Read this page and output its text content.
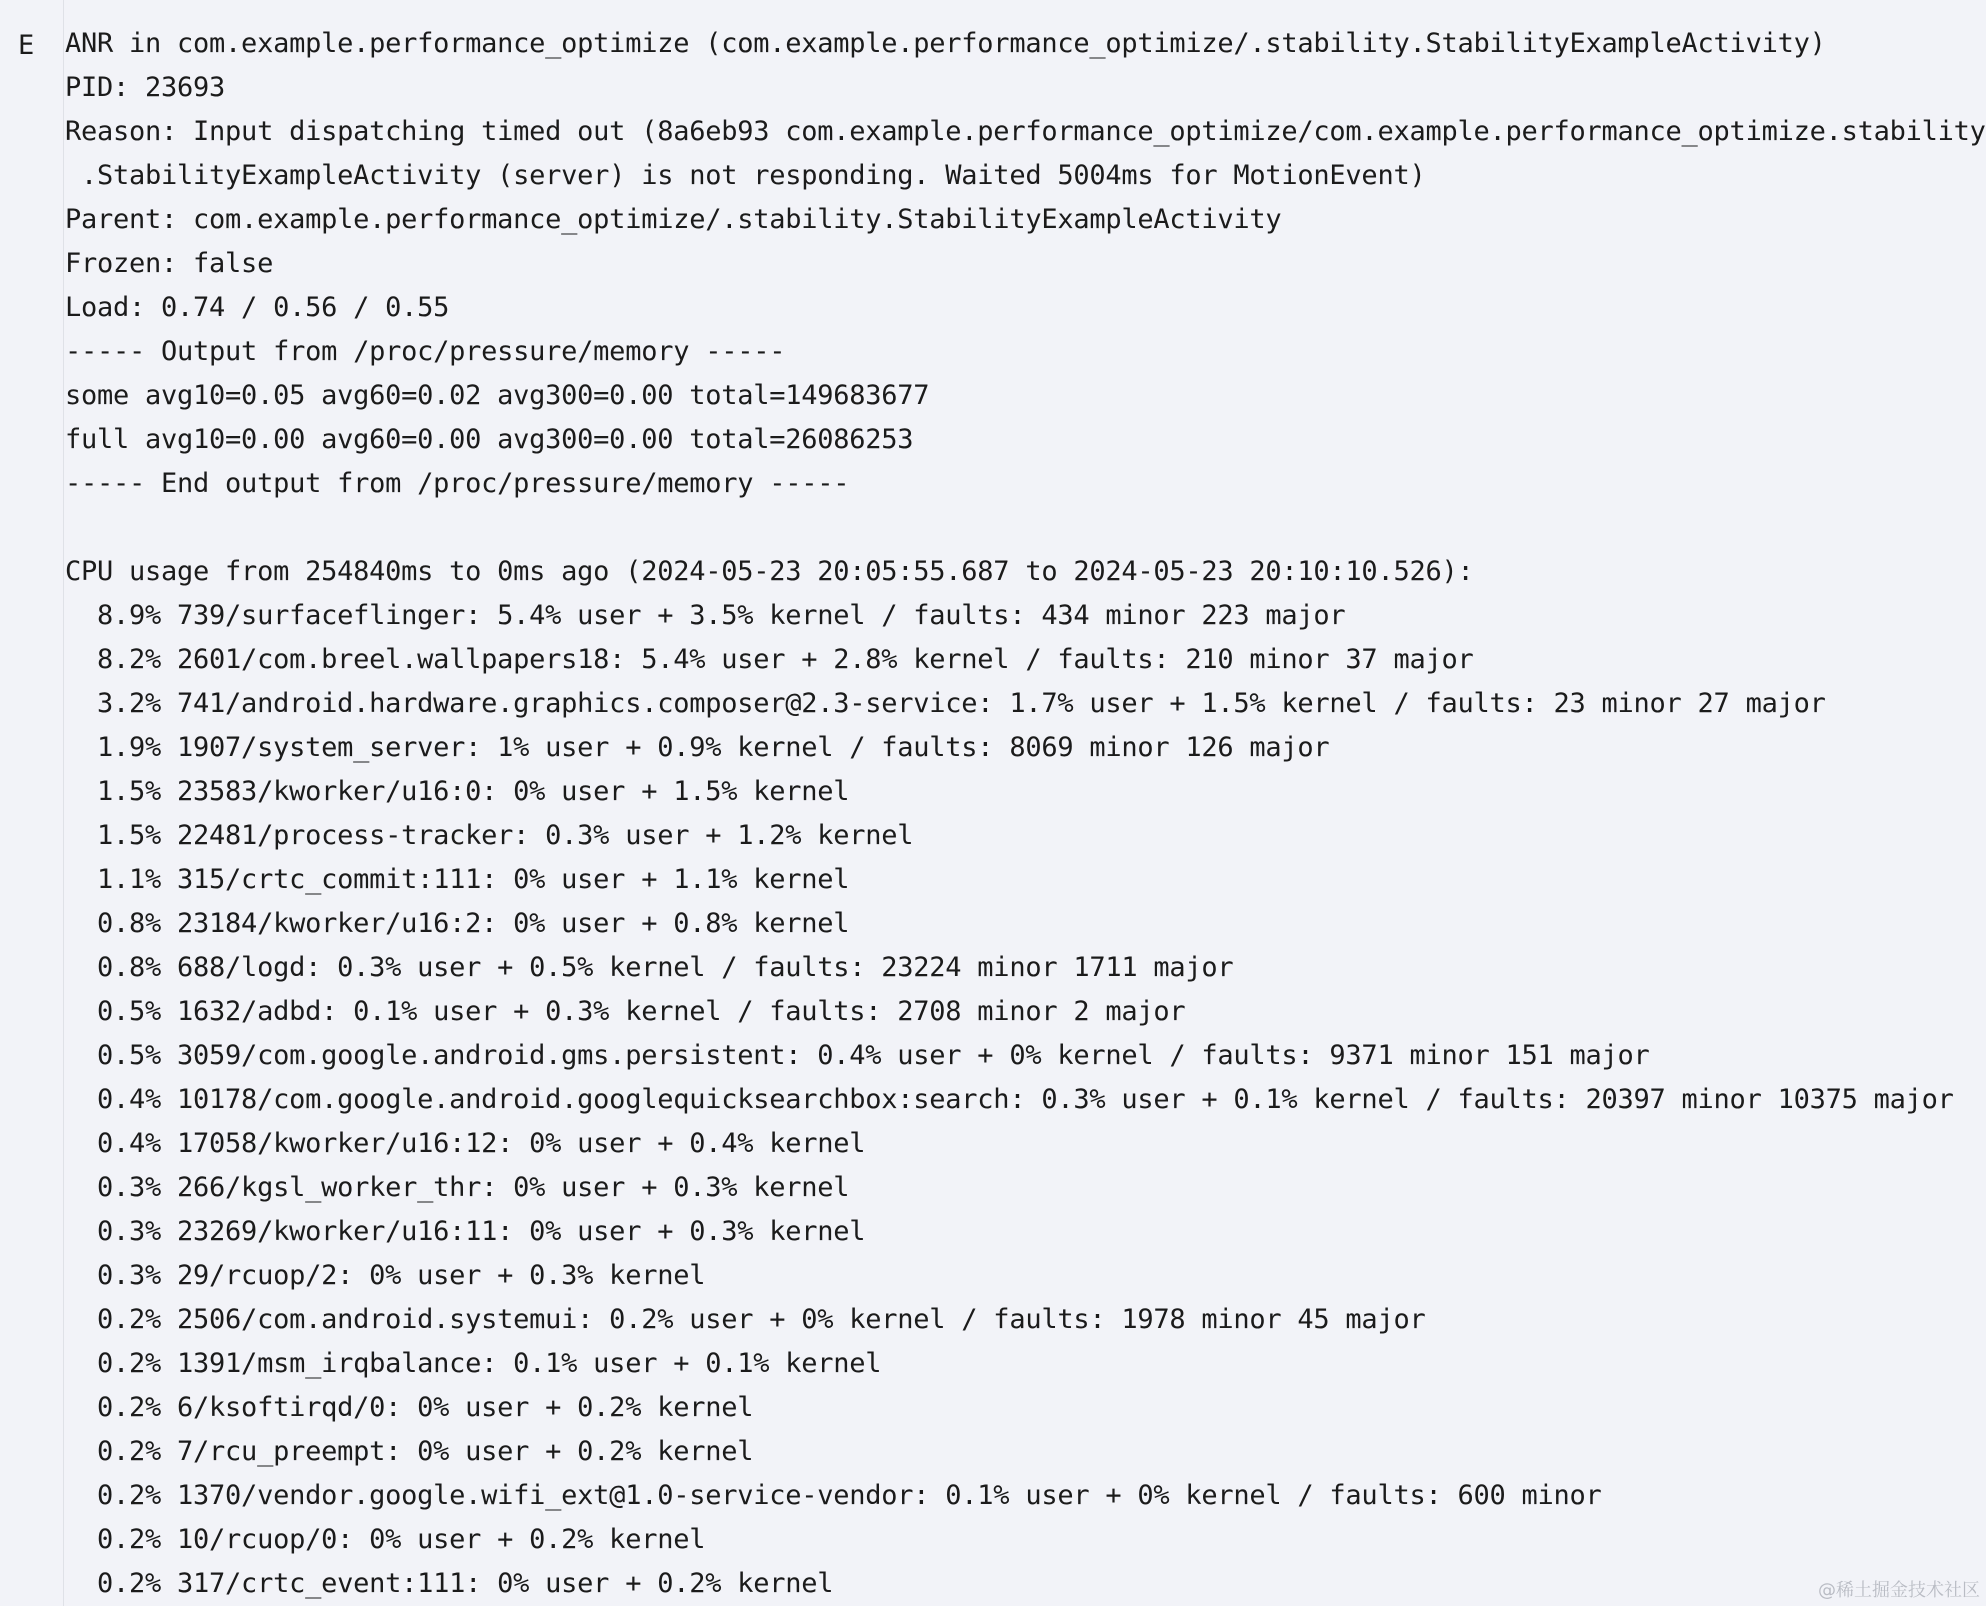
E ANR in com.example.performance_optimize (com.example.performance_optimize/.stability.StabilityExampleActivity)
PID: 23693
Reason: Input dispatching timed out (8a6eb93 com.example.performance_optimize/com.example.performance_optimize.stability
.StabilityExampleActivity (server) is not responding. Waited 5004ms for MotionEvent)
Parent: com.example.performance_optimize/.stability.StabilityExampleActivity
Frozen: false
Load: 0.74 / 0.56 / 0.55
----- Output from /proc/pressure/memory -----
some avg10=0.05 avg60=0.02 avg300=0.00 total=149683677
full avg10=0.00 avg60=0.00 avg300=0.00 total=26086253
----- End output from /proc/pressure/memory -----
CPU usage from 254840ms to 0ms ago (2024-05-23 20:05:55.687 to 2024-05-23 20:10:10.526):
8.9% 739/surfaceflinger: 5.4% user + 3.5% kernel / faults: 434 minor 223 major
8.2% 2601/com.breel.wallpapers18: 5.4% user + 2.8% kernel / faults: 210 minor 37 major
3.2% 741/android.hardware.graphics.composer@2.3-service: 1.7% user + 1.5% kernel / faults: 23 minor 27 major
1.9% 1907/system_server: 1% user + 0.9% kernel / faults: 8069 minor 126 major
1.5% 23583/kworker/u16:0: 0% user + 1.5% kernel
1.5% 22481/process-tracker: 0.3% user + 1.2% kernel
1.1% 315/crtc_commit:111: 0% user + 1.1% kernel
0.8% 23184/kworker/u16:2: 0% user + 0.8% kernel
0.8% 688/logd: 0.3% user + 0.5% kernel / faults: 23224 minor 1711 major
0.5% 1632/adbd: 0.1% user + 0.3% kernel / faults: 2708 minor 2 major
0.5% 3059/com.google.android.gms.persistent: 0.4% user + 0% kernel / faults: 9371 minor 151 major
0.4% 10178/com.google.android.googlequicksearchbox:search: 0.3% user + 0.1% kernel / faults: 20397 minor 10375 major
0.4% 17058/kworker/u16:12: 0% user + 0.4% kernel
0.3% 266/kgsl_worker_thr: 0% user + 0.3% kernel
0.3% 23269/kworker/u16:11: 0% user + 0.3% kernel
0.3% 29/rcuop/2: 0% user + 0.3% kernel
0.2% 2506/com.android.systemui: 0.2% user + 0% kernel / faults: 1978 minor 45 major
0.2% 1391/msm_irqbalance: 0.1% user + 0.1% kernel
0.2% 6/ksoftirqd/0: 0% user + 0.2% kernel
0.2% 7/rcu_preempt: 0% user + 0.2% kernel
0.2% 1370/vendor.google.wifi_ext@1.0-service-vendor: 0.1% user + 0% kernel / faults: 600 minor
0.2% 10/rcuop/0: 0% user + 0.2% kernel
0.2% 317/crtc_event:111: 0% user + 0.2% kernel	@稀土掘金技术社区
